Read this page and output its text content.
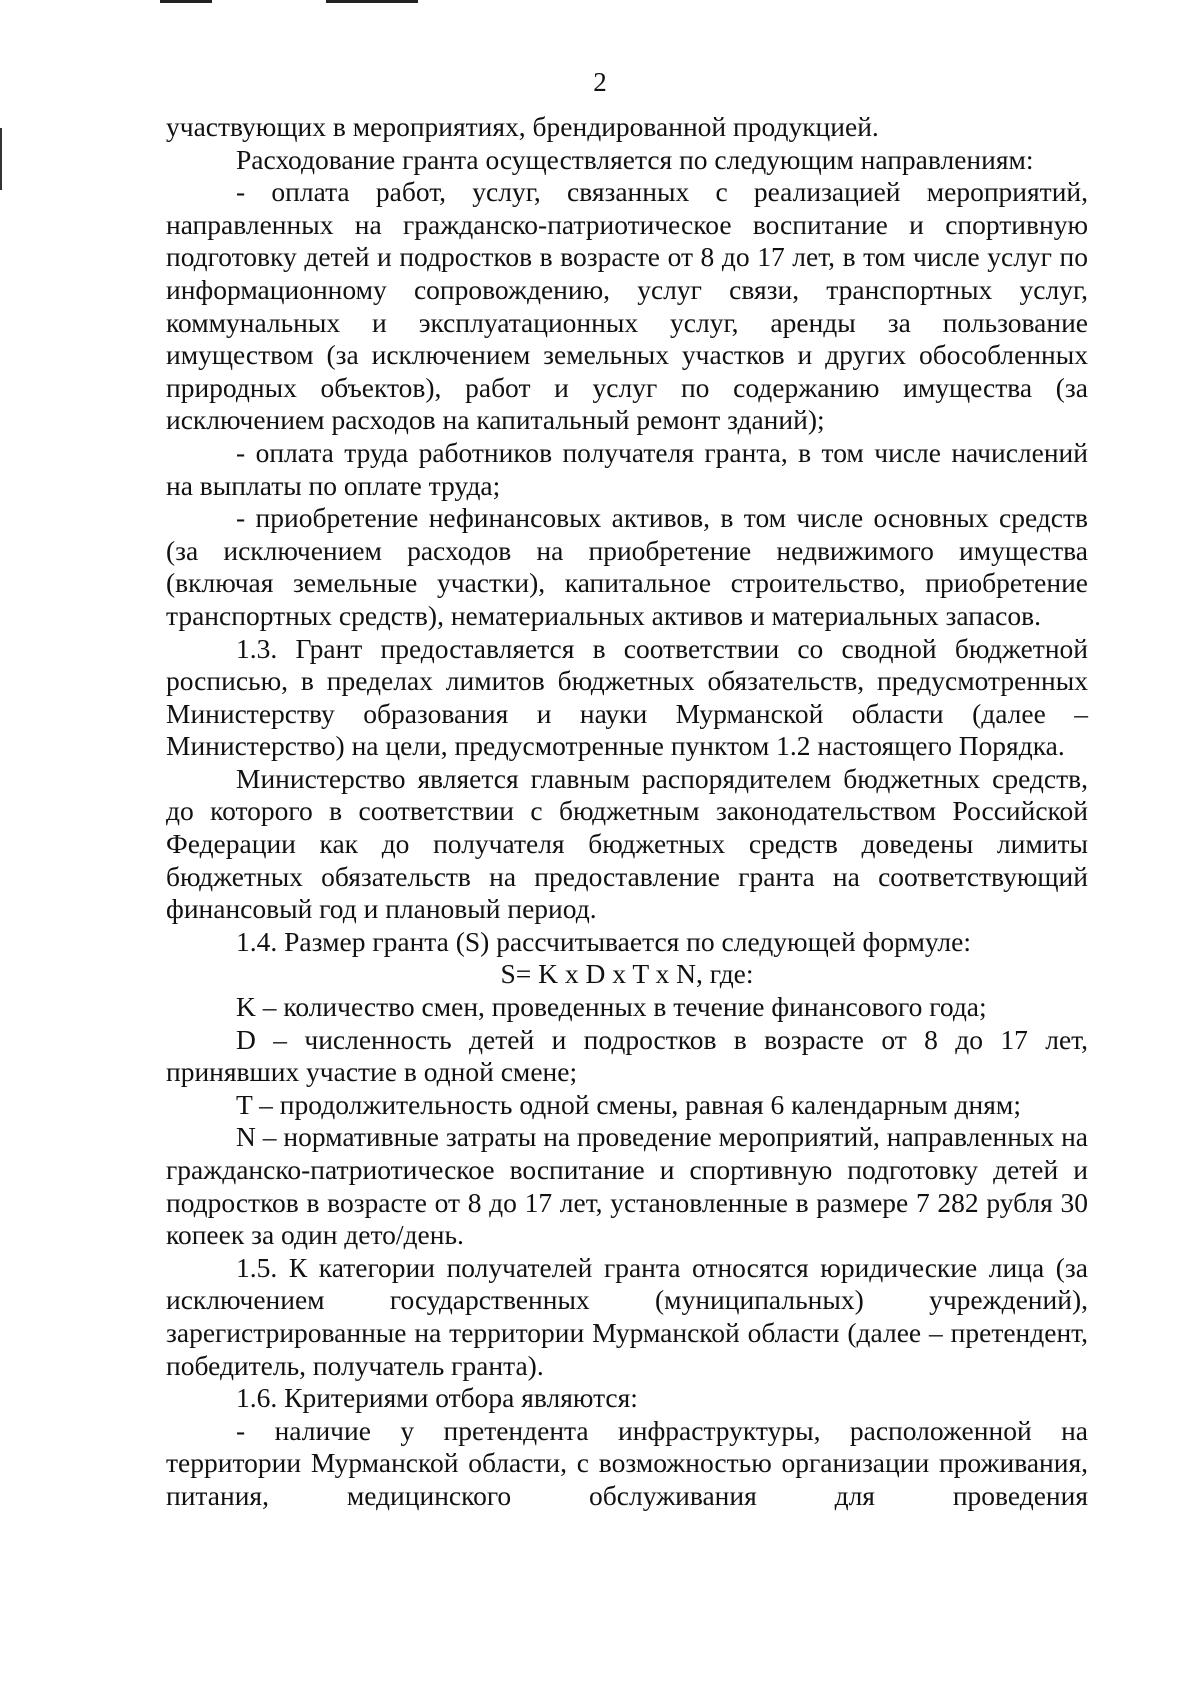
2

участвующих в мероприятиях, брендированной продукцией.

Расходование гранта осуществляется по следующим направлениям:

- оплата работ, услуг, связанных с реализацией мероприятий, направленных на гражданско-патриотическое воспитание и спортивную подготовку детей и подростков в возрасте от 8 до 17 лет, в том числе услуг по информационному сопровождению, услуг связи, транспортных услуг, коммунальных и эксплуатационных услуг, аренды за пользование имуществом (за исключением земельных участков и других обособленных природных объектов), работ и услуг по содержанию имущества (за исключением расходов на капитальный ремонт зданий);

- оплата труда работников получателя гранта, в том числе начислений на выплаты по оплате труда;

- приобретение нефинансовых активов, в том числе основных средств (за исключением расходов на приобретение недвижимого имущества (включая земельные участки), капитальное строительство, приобретение транспортных средств), нематериальных активов и материальных запасов.

1.3. Грант предоставляется в соответствии со сводной бюджетной росписью, в пределах лимитов бюджетных обязательств, предусмотренных Министерству образования и науки Мурманской области (далее – Министерство) на цели, предусмотренные пунктом 1.2 настоящего Порядка.

Министерство является главным распорядителем бюджетных средств, до которого в соответствии с бюджетным законодательством Российской Федерации как до получателя бюджетных средств доведены лимиты бюджетных обязательств на предоставление гранта на соответствующий финансовый год и плановый период.

1.4. Размер гранта (S) рассчитывается по следующей формуле:

S= K x D x T x N, где:

K – количество смен, проведенных в течение финансового года;

D – численность детей и подростков в возрасте от 8 до 17 лет, принявших участие в одной смене;

T – продолжительность одной смены, равная 6 календарным дням;

N – нормативные затраты на проведение мероприятий, направленных на гражданско-патриотическое воспитание и спортивную подготовку детей и подростков в возрасте от 8 до 17 лет, установленные в размере 7 282 рубля 30 копеек за один дето/день.

1.5. К категории получателей гранта относятся юридические лица (за исключением государственных (муниципальных) учреждений), зарегистрированные на территории Мурманской области (далее – претендент, победитель, получатель гранта).

1.6. Критериями отбора являются:

- наличие у претендента инфраструктуры, расположенной на территории Мурманской области, с возможностью организации проживания, питания, медицинского обслуживания для проведения
